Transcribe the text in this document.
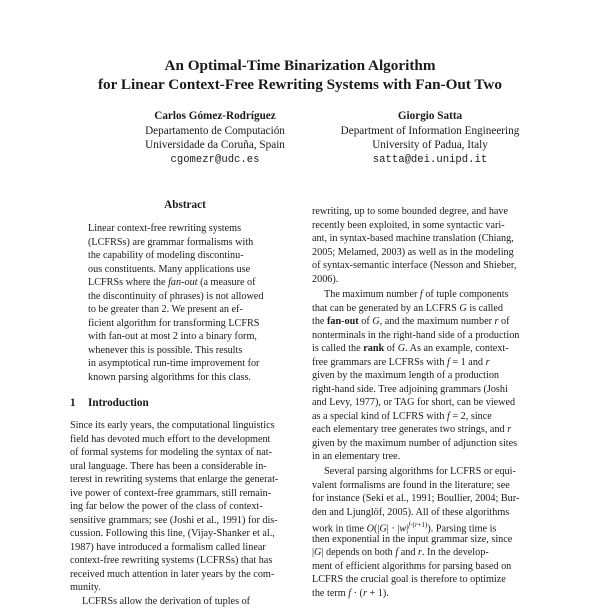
An Optimal-Time Binarization Algorithm
for Linear Context-Free Rewriting Systems with Fan-Out Two
Carlos Gómez-Rodríguez
Departamento de Computación
Universidade da Coruña, Spain
cgomezr@udc.es
Giorgio Satta
Department of Information Engineering
University of Padua, Italy
satta@dei.unipd.it
Abstract
Linear context-free rewriting systems
(LCFRSs) are grammar formalisms with
the capability of modeling discontinu-
ous constituents. Many applications use
LCFRSs where the fan-out (a measure of
the discontinuity of phrases) is not allowed
to be greater than 2. We present an ef-
ficient algorithm for transforming LCFRS
with fan-out at most 2 into a binary form,
whenever this is possible. This results
in asymptotical run-time improvement for
known parsing algorithms for this class.
1 Introduction
Since its early years, the computational linguistics
field has devoted much effort to the development
of formal systems for modeling the syntax of nat-
ural language. There has been a considerable in-
terest in rewriting systems that enlarge the generat-
ive power of context-free grammars, still remain-
ing far below the power of the class of context-
sensitive grammars; see (Joshi et al., 1991) for dis-
cussion. Following this line, (Vijay-Shanker et al.,
1987) have introduced a formalism called linear
context-free rewriting systems (LCFRSs) that has
received much attention in later years by the com-
munity.
LCFRSs allow the derivation of tuples of
rewriting, up to some bounded degree, and have
recently been exploited, in some syntactic vari-
ant, in syntax-based machine translation (Chiang,
2005; Melamed, 2003) as well as in the modeling
of syntax-semantic interface (Nesson and Shieber,
2006).
The maximum number f of tuple components
that can be generated by an LCFRS G is called
the fan-out of G, and the maximum number r of
nonterminals in the right-hand side of a production
is called the rank of G. As an example, context-
free grammars are LCFRSs with f = 1 and r
given by the maximum length of a production
right-hand side. Tree adjoining grammars (Joshi
and Levy, 1977), or TAG for short, can be viewed
as a special kind of LCFRS with f = 2, since
each elementary tree generates two strings, and r
given by the maximum number of adjunction sites
in an elementary tree.
Several parsing algorithms for LCFRS or equi-
valent formalisms are found in the literature; see
for instance (Seki et al., 1991; Boullier, 2004; Bur-
den and Ljunglöf, 2005). All of these algorithms
work in time $O(|G| \cdot |w|^{f\cdot(r+1)})$. Parsing time is
then exponential in the input grammar size, since
|G| depends on both f and r. In the develop-
ment of efficient algorithms for parsing based on
LCFRS the crucial goal is therefore to optimize
the term f · (r + 1).
